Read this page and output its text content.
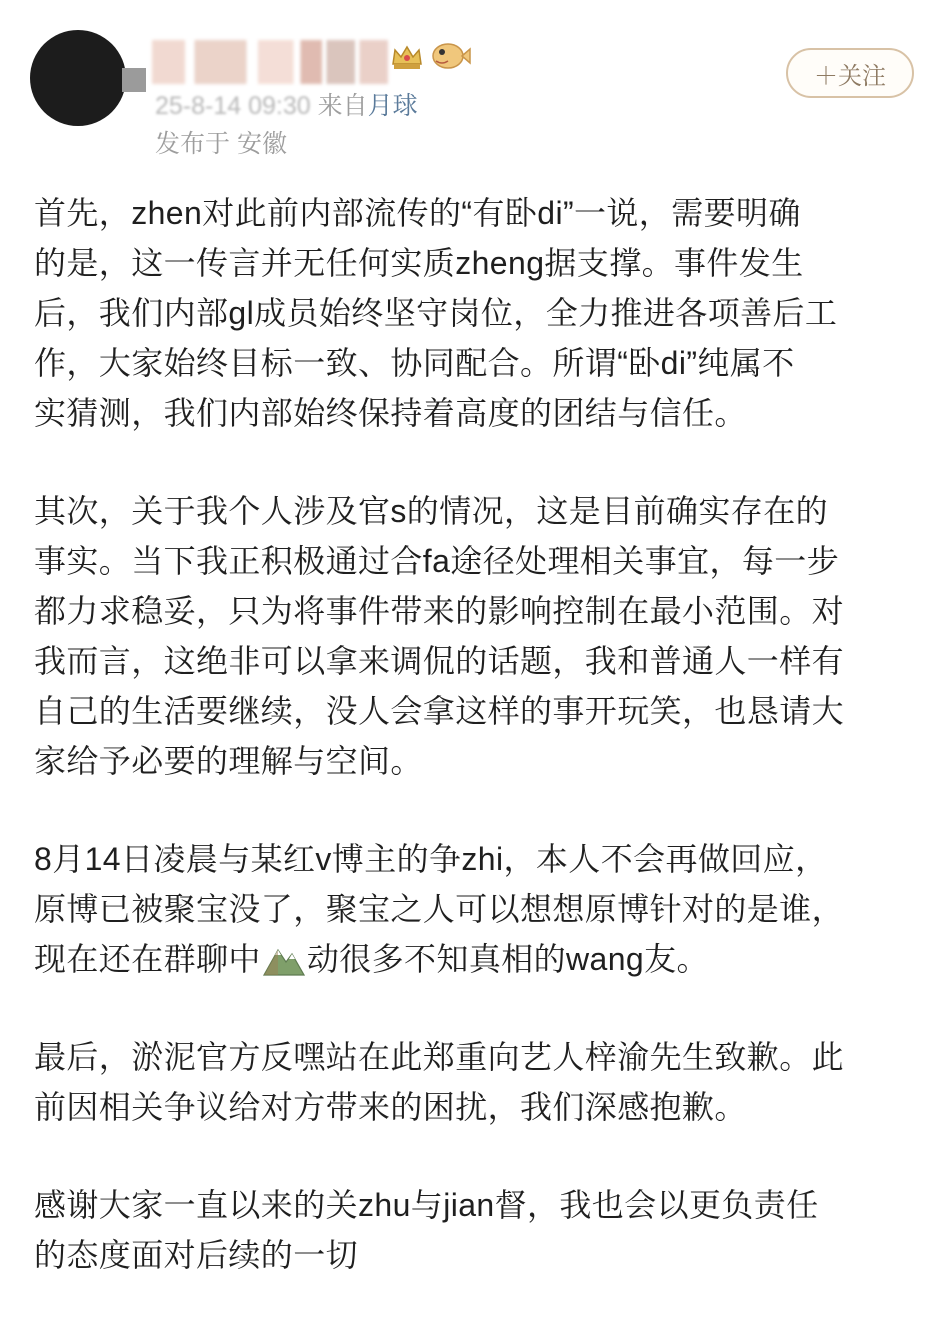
25-8-14 09:30 来自月球
发布于 安徽
＋关注

首先，zhen对此前内部流传的“有卧di”一说，需要明确
的是，这一传言并无任何实质zheng据支撑。事件发生
后，我们内部gl成员始终坚守岗位，全力推进各项善后工
作，大家始终目标一致、协同配合。所谓“卧di”纯属不
实猜测，我们内部始终保持着高度的团结与信任。

其次，关于我个人涉及官s的情况，这是目前确实存在的
事实。当下我正积极通过合fa途径处理相关事宜，每一步
都力求稳妥，只为将事件带来的影响控制在最小范围。对
我而言，这绝非可以拿来调侃的话题，我和普通人一样有
自己的生活要继续，没人会拿这样的事开玩笑，也恳请大
家给予必要的理解与空间。

8月14日凌晨与某红v博主的争zhi，本人不会再做回应，
原博已被聚宝没了，聚宝之人可以想想原博针对的是谁，
现在还在群聊中 动很多不知真相的wang友。

最后，淤泥官方反嘿站在此郑重向艺人梓渝先生致歉。此
前因相关争议给对方带来的困扰，我们深感抱歉。

感谢大家一直以来的关zhu与jian督，我也会以更负责任
的态度面对后续的一切
